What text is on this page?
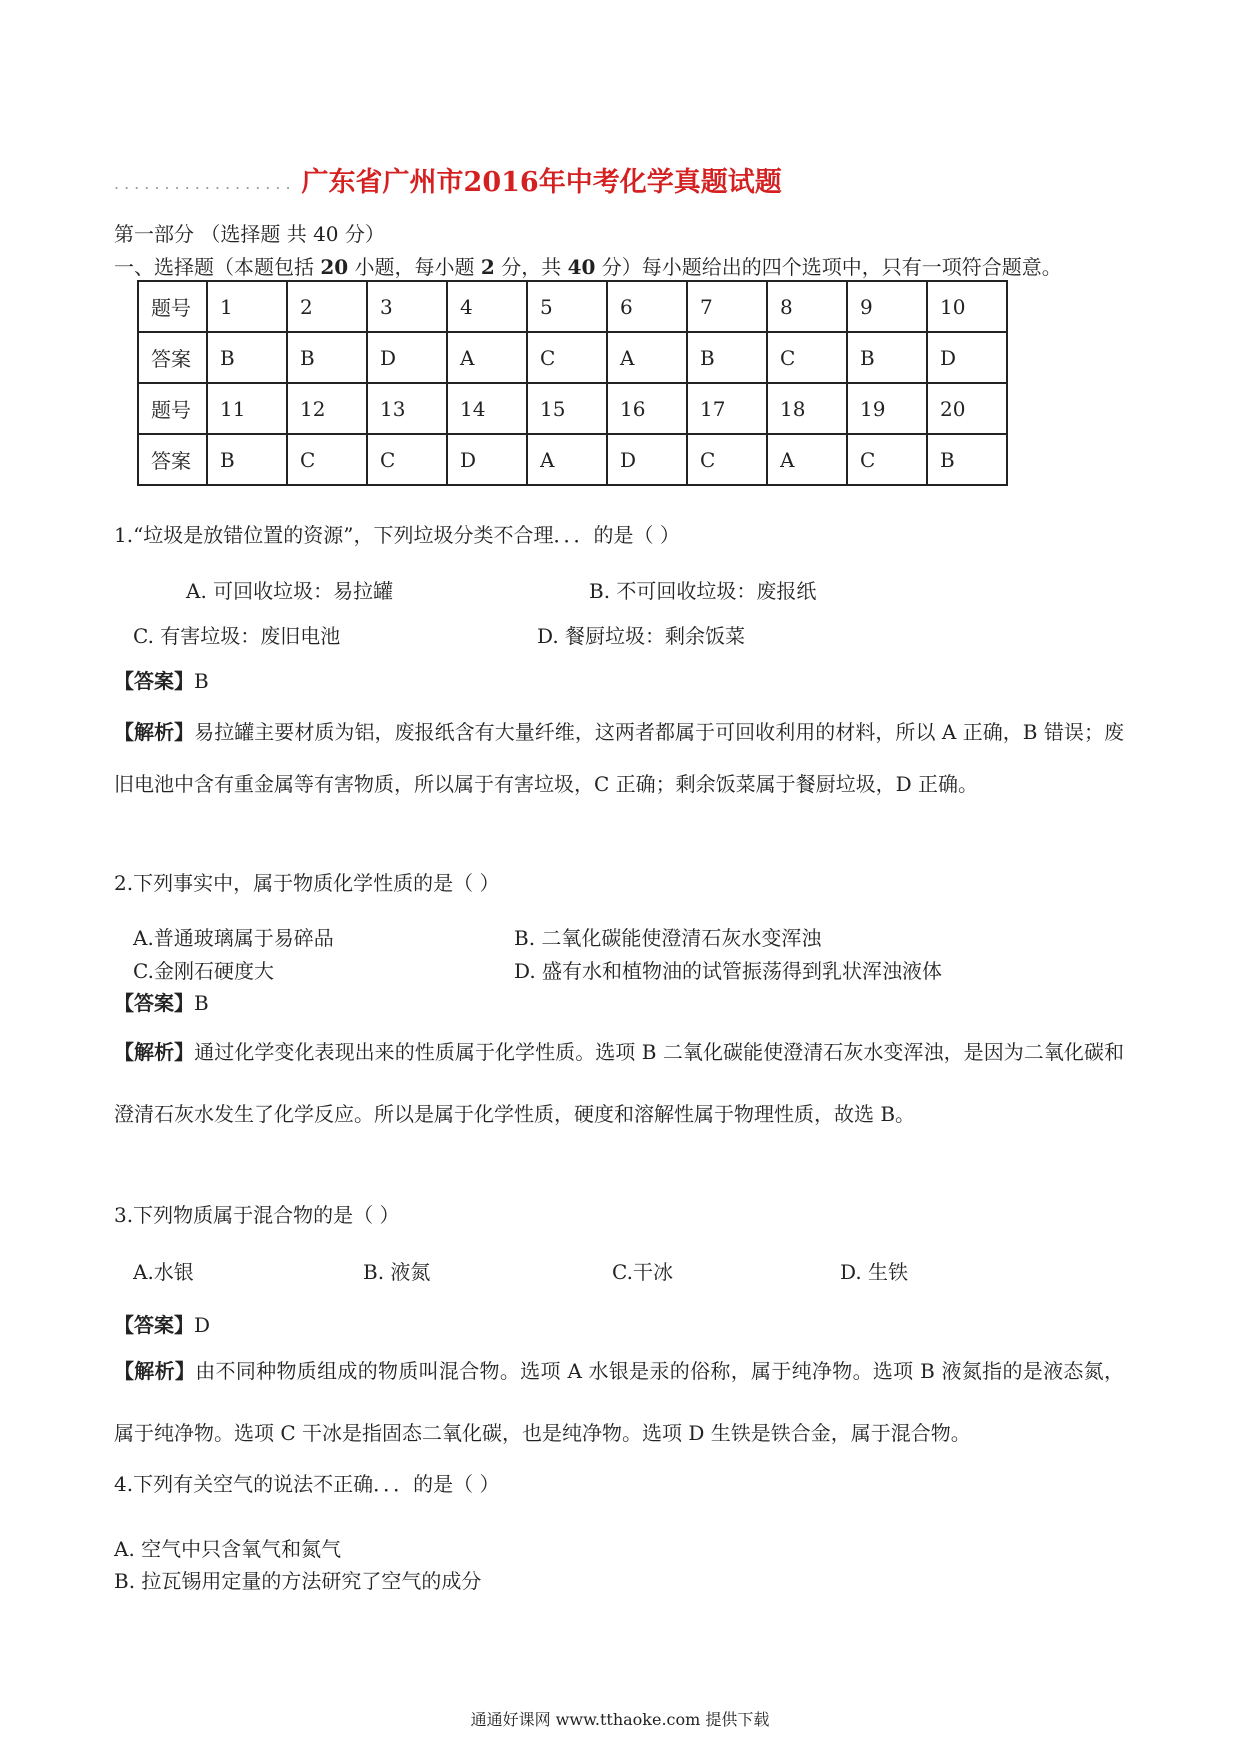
.................. 广东省广州市2016年中考化学真题试题
第一部分 （选择题 共 40 分）
一、选择题（本题包括 20 小题，每小题 2 分，共 40 分）每小题给出的四个选项中，只有一项符合题意。
题号	1	2	3	4	5	6	7	8	9	10
答案	B	B	D	A	C	A	B	C	B	D
题号	11	12	13	14	15	16	17	18	19	20
答案	B	C	C	D	A	D	C	A	C	B
1.“垃圾是放错位置的资源”，下列垃圾分类不合理．．．的是（ ）
A. 可回收垃圾：易拉罐	B. 不可回收垃圾：废报纸
C. 有害垃圾：废旧电池	D. 餐厨垃圾：剩余饭菜
【答案】B
【解析】易拉罐主要材质为铝，废报纸含有大量纤维，这两者都属于可回收利用的材料，所以 A 正确，B 错误；废旧电池中含有重金属等有害物质，所以属于有害垃圾，C 正确；剩余饭菜属于餐厨垃圾，D 正确。
2.下列事实中，属于物质化学性质的是（ ）
A.普通玻璃属于易碎品	B. 二氧化碳能使澄清石灰水变浑浊
C.金刚石硬度大	D. 盛有水和植物油的试管振荡得到乳状浑浊液体
【答案】B
【解析】通过化学变化表现出来的性质属于化学性质。选项 B 二氧化碳能使澄清石灰水变浑浊，是因为二氧化碳和澄清石灰水发生了化学反应。所以是属于化学性质，硬度和溶解性属于物理性质，故选 B。
3.下列物质属于混合物的是（ ）
A.水银	B. 液氮	C.干冰	D. 生铁
【答案】D
【解析】由不同种物质组成的物质叫混合物。选项 A 水银是汞的俗称，属于纯净物。选项 B 液氮指的是液态氮，属于纯净物。选项 C 干冰是指固态二氧化碳，也是纯净物。选项 D 生铁是铁合金，属于混合物。
4.下列有关空气的说法不正确．．．的是（ ）
A. 空气中只含氧气和氮气
B. 拉瓦锡用定量的方法研究了空气的成分
通通好课网 www.tthaoke.com 提供下载
